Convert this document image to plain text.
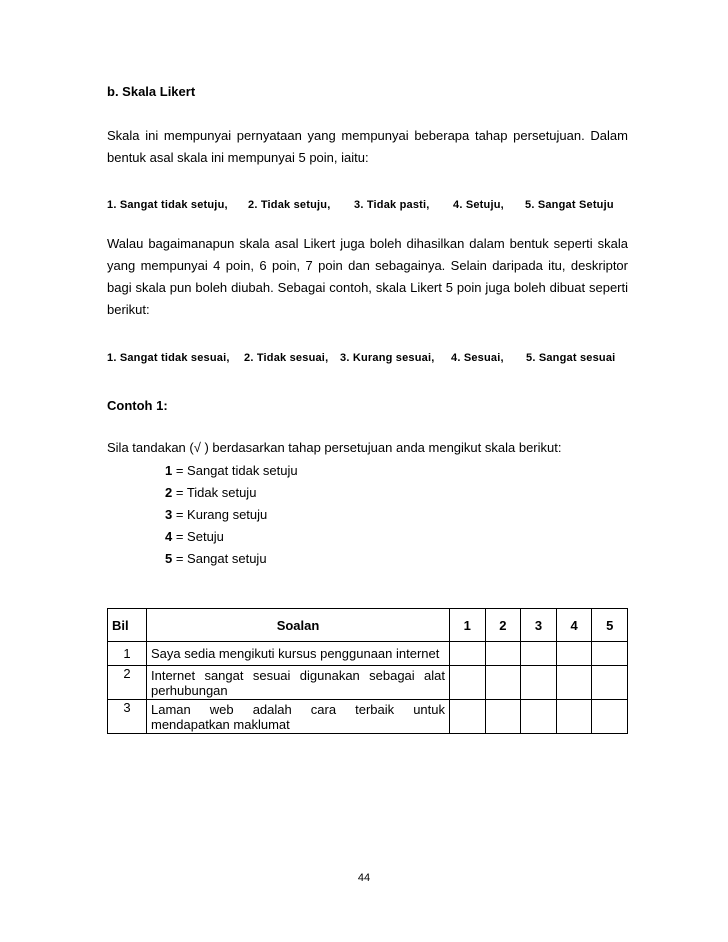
b. Skala Likert
Skala ini mempunyai pernyataan yang mempunyai beberapa tahap persetujuan. Dalam bentuk asal skala ini mempunyai 5 poin, iaitu:
1. Sangat tidak setuju, 2. Tidak setuju, 3. Tidak pasti, 4. Setuju, 5. Sangat Setuju
Walau bagaimanapun skala asal Likert juga boleh dihasilkan dalam bentuk seperti skala yang mempunyai 4 poin, 6 poin, 7 poin dan sebagainya. Selain daripada itu, deskriptor bagi skala pun boleh diubah. Sebagai contoh, skala Likert 5 poin juga boleh dibuat seperti berikut:
1. Sangat tidak sesuai, 2. Tidak sesuai, 3. Kurang sesuai, 4. Sesuai, 5. Sangat sesuai
Contoh 1:
Sila tandakan (√ ) berdasarkan tahap persetujuan anda mengikut skala berikut:
1 = Sangat tidak setuju
2 = Tidak setuju
3 = Kurang setuju
4 = Setuju
5 = Sangat setuju
Bil	Soalan	1	2	3	4	5
1	Saya sedia mengikuti kursus penggunaan internet					
2	Internet sangat sesuai digunakan sebagai alat perhubungan					
3	Laman web adalah cara terbaik untuk mendapatkan maklumat					
44
